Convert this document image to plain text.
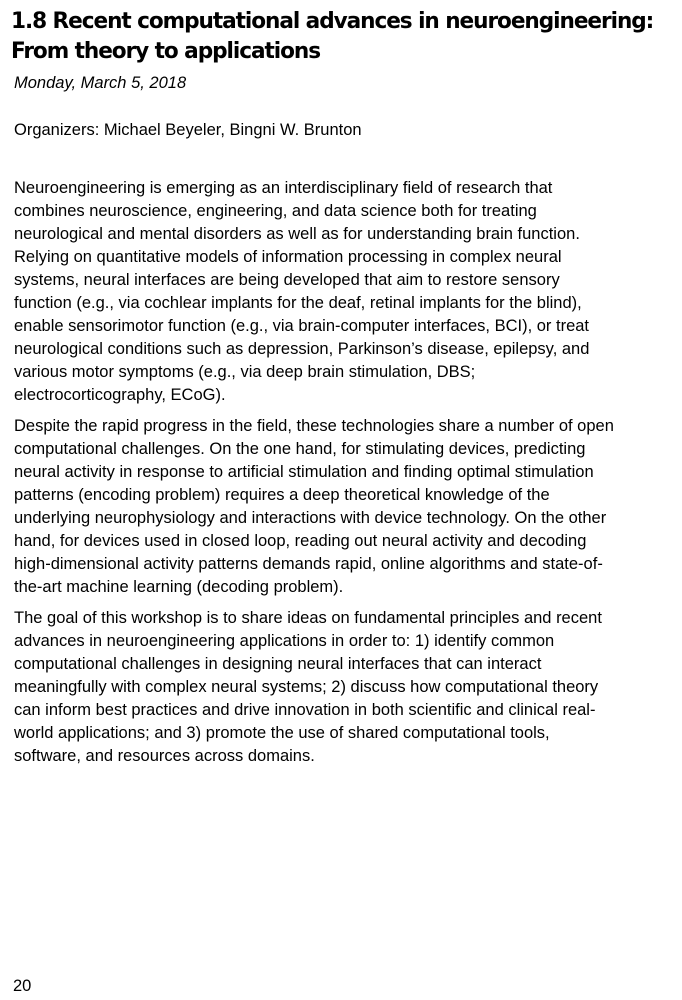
1.8 Recent computational advances in neuroengineering:
From theory to applications
Monday, March 5, 2018
Organizers: Michael Beyeler, Bingni W. Brunton

Neuroengineering is emerging as an interdisciplinary field of research that
combines neuroscience, engineering, and data science both for treating
neurological and mental disorders as well as for understanding brain function.
Relying on quantitative models of information processing in complex neural
systems, neural interfaces are being developed that aim to restore sensory
function (e.g., via cochlear implants for the deaf, retinal implants for the blind),
enable sensorimotor function (e.g., via brain-computer interfaces, BCI), or treat
neurological conditions such as depression, Parkinson’s disease, epilepsy, and
various motor symptoms (e.g., via deep brain stimulation, DBS;
electrocorticography, ECoG).

Despite the rapid progress in the field, these technologies share a number of open
computational challenges. On the one hand, for stimulating devices, predicting
neural activity in response to artificial stimulation and finding optimal stimulation
patterns (encoding problem) requires a deep theoretical knowledge of the
underlying neurophysiology and interactions with device technology. On the other
hand, for devices used in closed loop, reading out neural activity and decoding
high-dimensional activity patterns demands rapid, online algorithms and state-of-
the-art machine learning (decoding problem).

The goal of this workshop is to share ideas on fundamental principles and recent
advances in neuroengineering applications in order to: 1) identify common
computational challenges in designing neural interfaces that can interact
meaningfully with complex neural systems; 2) discuss how computational theory
can inform best practices and drive innovation in both scientific and clinical real-
world applications; and 3) promote the use of shared computational tools,
software, and resources across domains.

20
